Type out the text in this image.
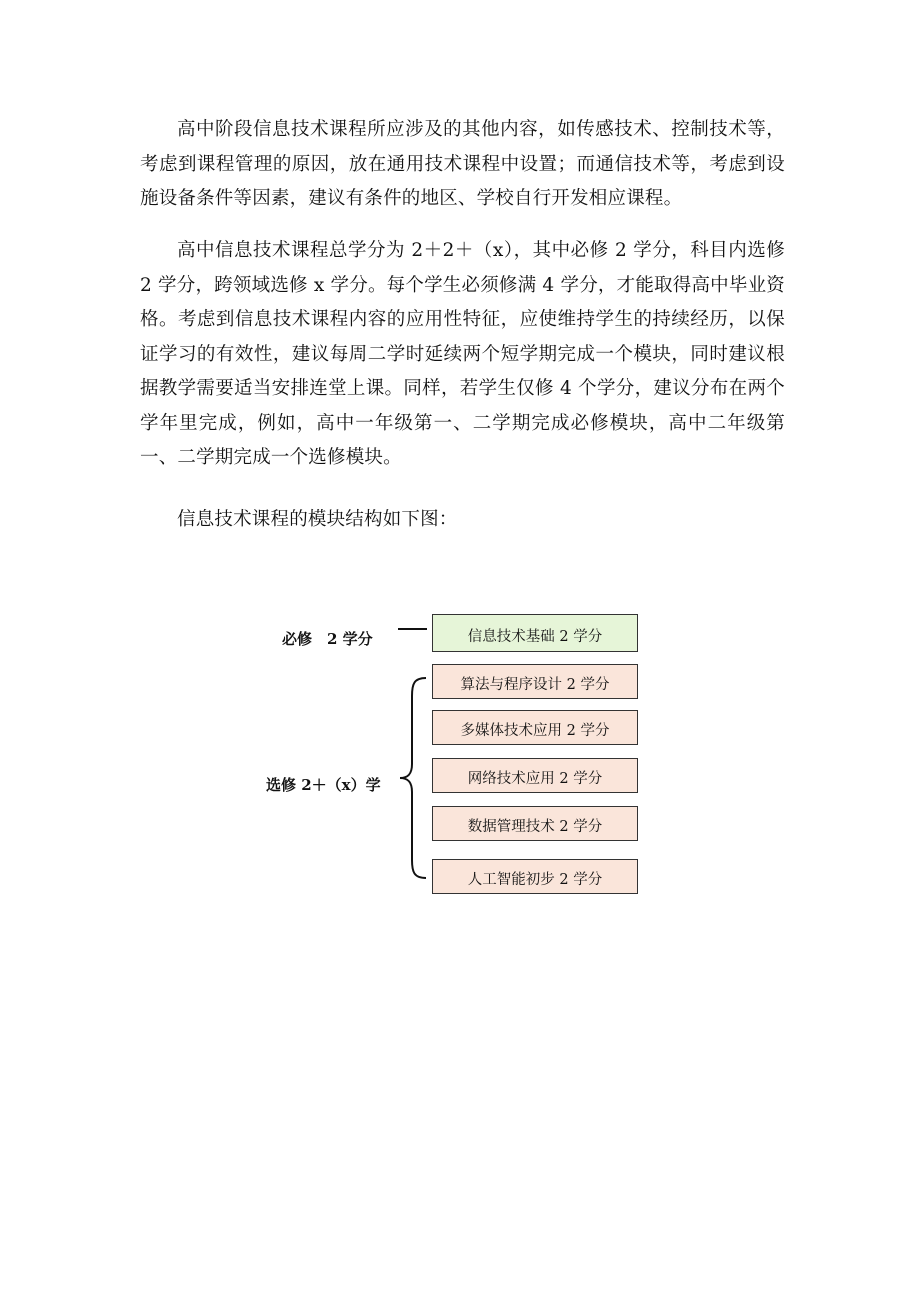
高中阶段信息技术课程所应涉及的其他内容，如传感技术、控制技术等，考虑到课程管理的原因，放在通用技术课程中设置；而通信技术等，考虑到设施设备条件等因素，建议有条件的地区、学校自行开发相应课程。

高中信息技术课程总学分为 2＋2＋（x），其中必修 2 学分，科目内选修 2 学分，跨领域选修 x 学分。每个学生必须修满 4 学分，才能取得高中毕业资格。考虑到信息技术课程内容的应用性特征，应使维持学生的持续经历，以保证学习的有效性，建议每周二学时延续两个短学期完成一个模块，同时建议根据教学需要适当安排连堂上课。同样，若学生仅修 4 个学分，建议分布在两个学年里完成，例如，高中一年级第一、二学期完成必修模块，高中二年级第一、二学期完成一个选修模块。

信息技术课程的模块结构如下图：

必修　2 学分	信息技术基础 2 学分
选修 2＋（x）学
算法与程序设计 2 学分
多媒体技术应用 2 学分
网络技术应用 2 学分
数据管理技术 2 学分
人工智能初步 2 学分
